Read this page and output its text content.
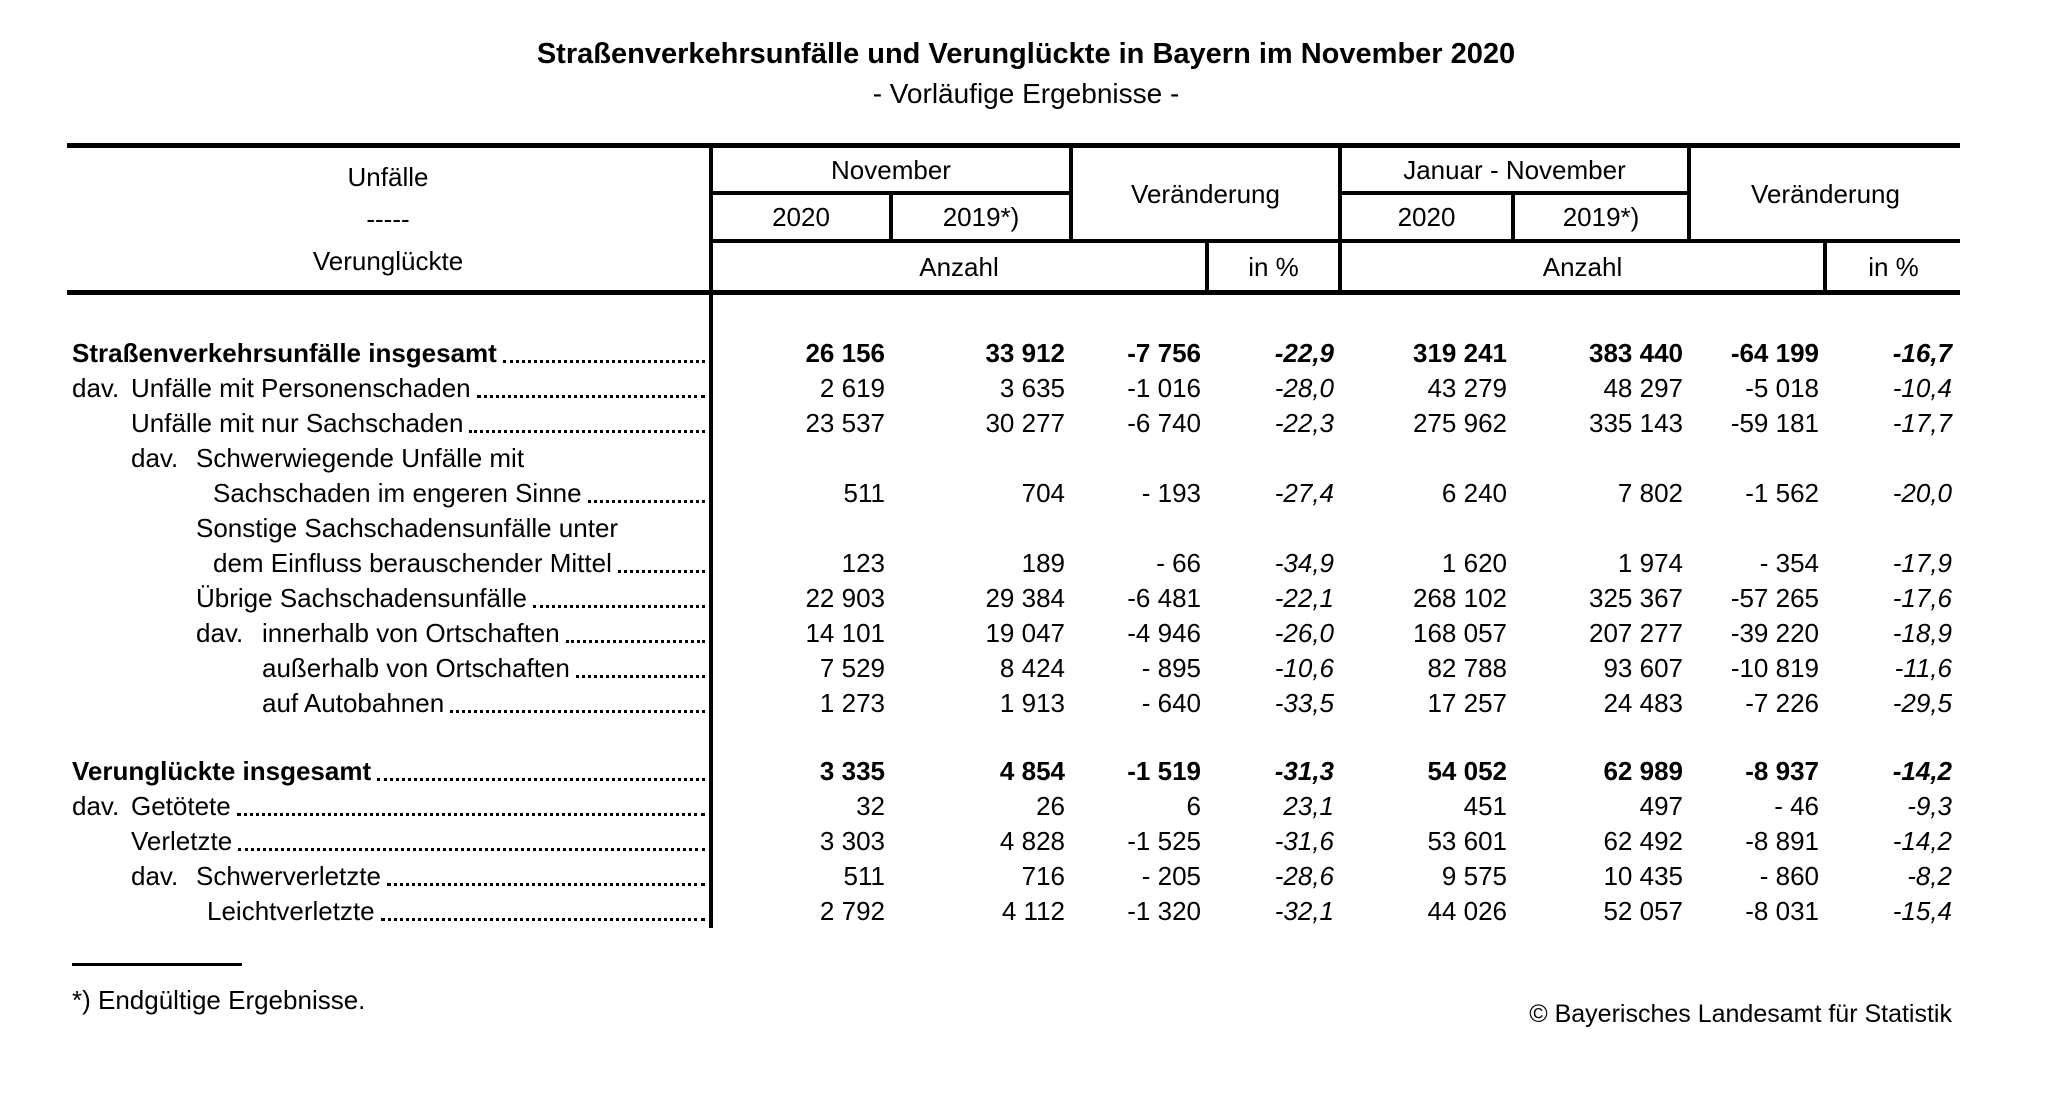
Straßenverkehrsunfälle und Verunglückte in Bayern im November 2020
- Vorläufige Ergebnisse -
Unfälle
-----
Verunglückte
November
Veränderung
Januar - November
Veränderung
2020	2019*)	2020	2019*)
Anzahl	in %	Anzahl	in %
Straßenverkehrsunfälle insgesamt	26 156	33 912	-7 756	-22,9	319 241	383 440	-64 199	-16,7
dav. Unfälle mit Personenschaden	2 619	3 635	-1 016	-28,0	43 279	48 297	-5 018	-10,4
Unfälle mit nur Sachschaden	23 537	30 277	-6 740	-22,3	275 962	335 143	-59 181	-17,7
dav. Schwerwiegende Unfälle mit
Sachschaden im engeren Sinne	511	704	- 193	-27,4	6 240	7 802	-1 562	-20,0
Sonstige Sachschadensunfälle unter
dem Einfluss berauschender Mittel	123	189	- 66	-34,9	1 620	1 974	- 354	-17,9
Übrige Sachschadensunfälle	22 903	29 384	-6 481	-22,1	268 102	325 367	-57 265	-17,6
dav. innerhalb von Ortschaften	14 101	19 047	-4 946	-26,0	168 057	207 277	-39 220	-18,9
außerhalb von Ortschaften	7 529	8 424	- 895	-10,6	82 788	93 607	-10 819	-11,6
auf Autobahnen	1 273	1 913	- 640	-33,5	17 257	24 483	-7 226	-29,5
Verunglückte insgesamt	3 335	4 854	-1 519	-31,3	54 052	62 989	-8 937	-14,2
dav. Getötete	32	26	6	23,1	451	497	- 46	-9,3
Verletzte	3 303	4 828	-1 525	-31,6	53 601	62 492	-8 891	-14,2
dav. Schwerverletzte	511	716	- 205	-28,6	9 575	10 435	- 860	-8,2
Leichtverletzte	2 792	4 112	-1 320	-32,1	44 026	52 057	-8 031	-15,4
*) Endgültige Ergebnisse.	© Bayerisches Landesamt für Statistik
